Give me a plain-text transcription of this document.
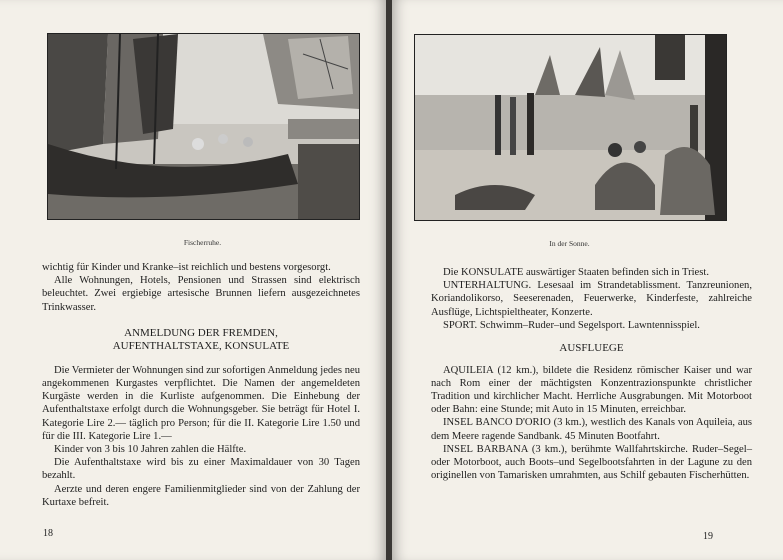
Fischerruhe.

wichtig für Kinder und Kranke–ist reichlich und bestens vorgesorgt.

Alle Wohnungen, Hotels, Pensionen und Strassen sind elektrisch beleuchtet. Zwei ergiebige artesische Brunnen liefern ausgezeichnetes Trinkwasser.

ANMELDUNG DER FREMDEN,

AUFENTHALTSTAXE, KONSULATE

Die Vermieter der Wohnungen sind zur sofortigen Anmeldung jedes neu angekommenen Kurgastes verpflichtet. Die Namen der angemeldeten Kurgäste werden in die Kurliste aufgenommen. Die Einhebung der Aufenthaltstaxe erfolgt durch die Wohnungsgeber. Sie beträgt für Hotel I. Kategorie Lire 2.— täglich pro Person; für die II. Kategorie Lire 1.50 und für die III. Kategorie Lire 1.—

Kinder von 3 bis 10 Jahren zahlen die Hälfte.

Die Aufenthaltstaxe wird bis zu einer Maximaldauer von 30 Tagen bezahlt.

Aerzte und deren engere Familienmitglieder sind von der Zahlung der Kurtaxe befreit.

18
In der Sonne.

Die KONSULATE auswärtiger Staaten befinden sich in Triest.

UNTERHALTUNG. Lesesaal im Strandetablissment. Tanzreunionen, Koriandolikorso, Seeserenaden, Feuerwerke, Kinderfeste, zahlreiche Ausflüge, Lichtspieltheater, Konzerte.

SPORT. Schwimm–Ruder–und Segelsport. Lawntennisspiel.

AUSFLUEGE

AQUILEIA (12 km.), bildete die Residenz römischer Kaiser und war nach Rom einer der mächtigsten Konzentrazionspunkte christlicher Tradition und kirchlicher Macht. Herrliche Ausgrabungen. Mit Motorboot oder Bahn: eine Stunde; mit Auto in 15 Minuten, erreichbar.

INSEL BANCO D'ORIO (3 km.), westlich des Kanals von Aquileia, aus dem Meere ragende Sandbank. 45 Minuten Bootfahrt.

INSEL BARBANA (3 km.), berühmte Wallfahrtskirche. Ruder–Segel–oder Motorboot, auch Boots–und Segelbootsfahrten in der Lagune zu den originellen von Tamarisken umrahmten, aus Schilf gebauten Fischerhütten.

19
